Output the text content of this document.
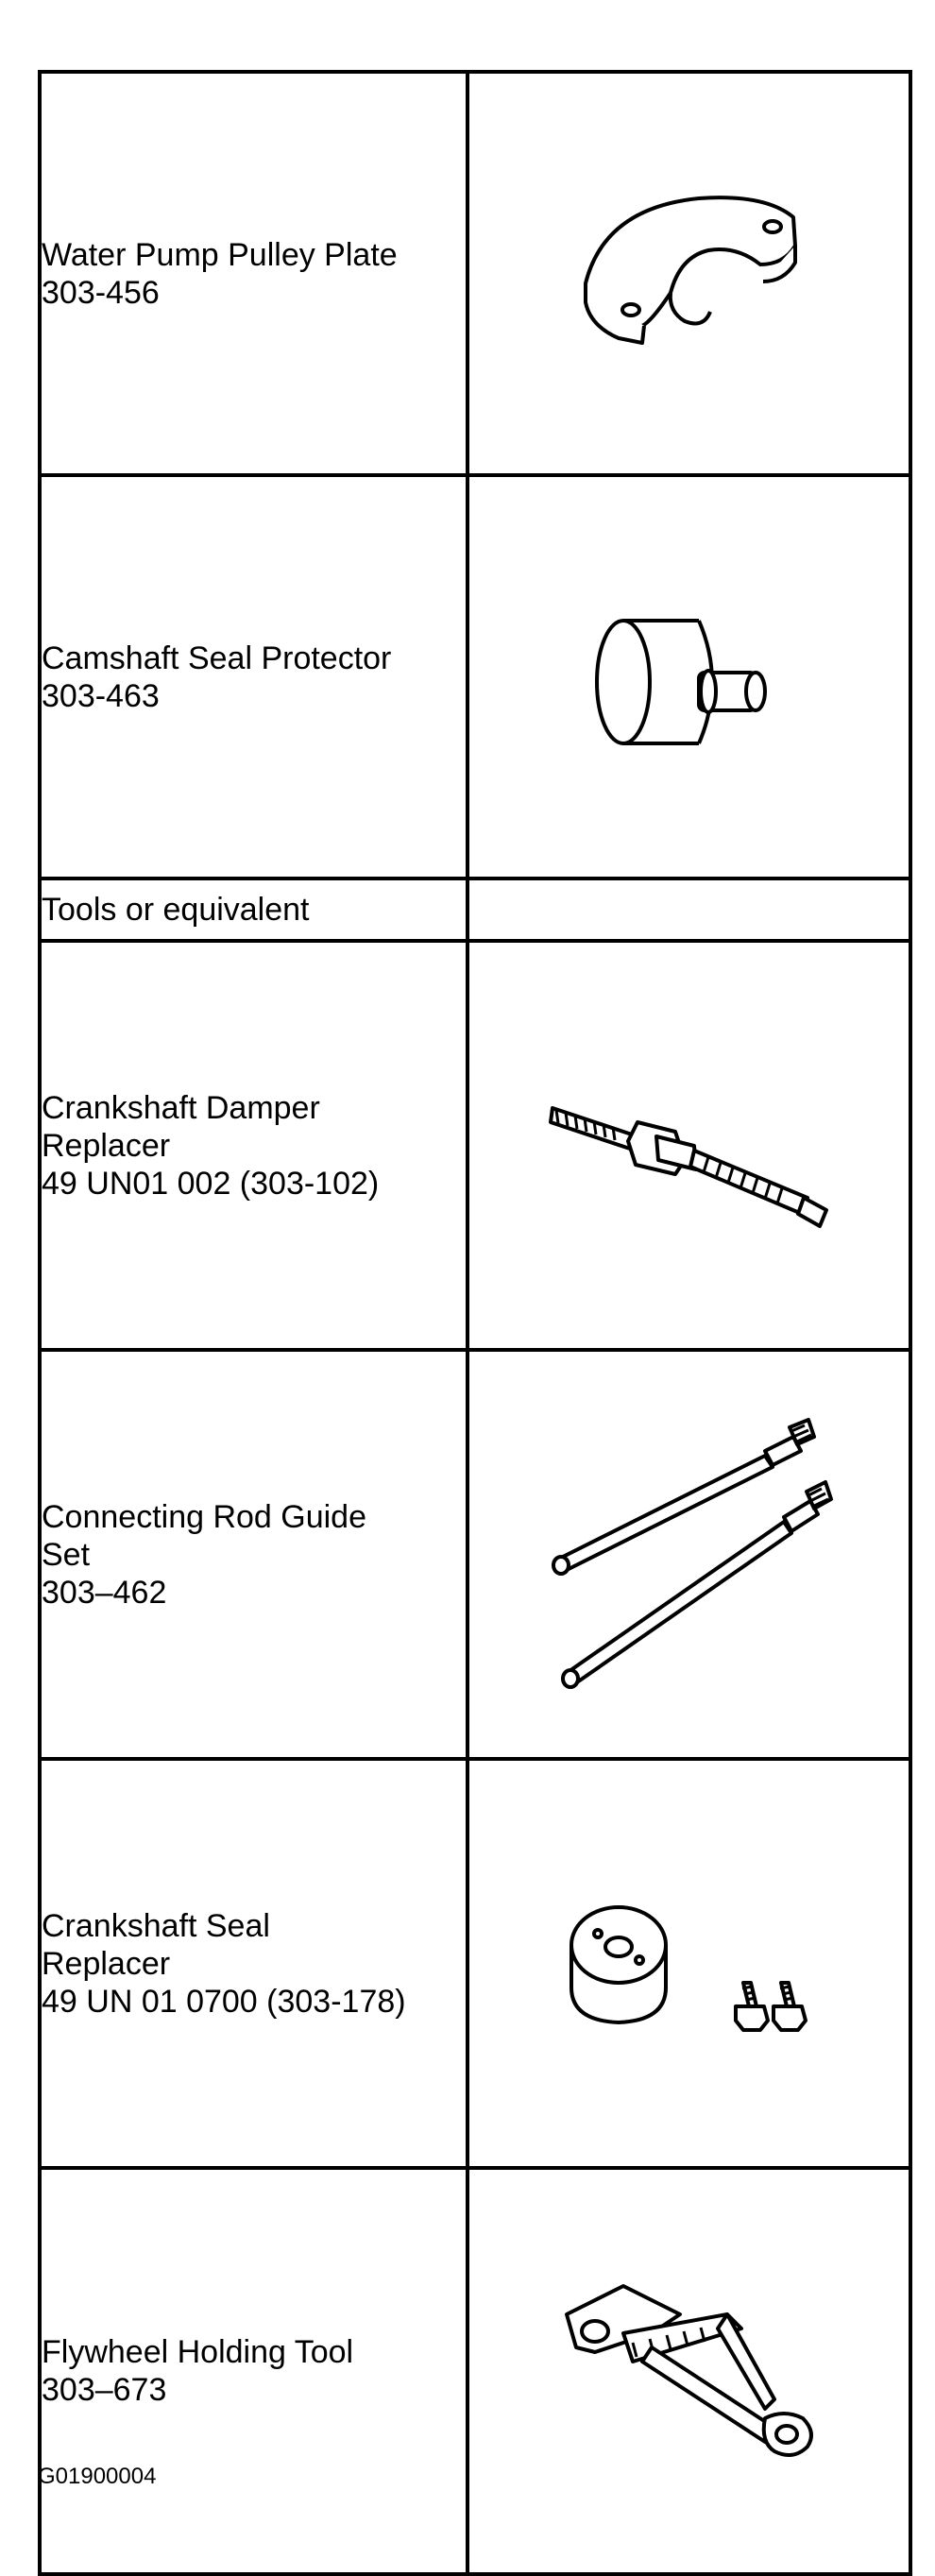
Water Pump Pulley Plate
303-456

Camshaft Seal Protector
303-463

Tools or equivalent	

Crankshaft Damper
Replacer
49 UN01 002 (303-102)

Connecting Rod Guide
Set
303–462

Crankshaft Seal
Replacer
49 UN 01 0700 (303-178)

Flywheel Holding Tool
303–673

G01900004
